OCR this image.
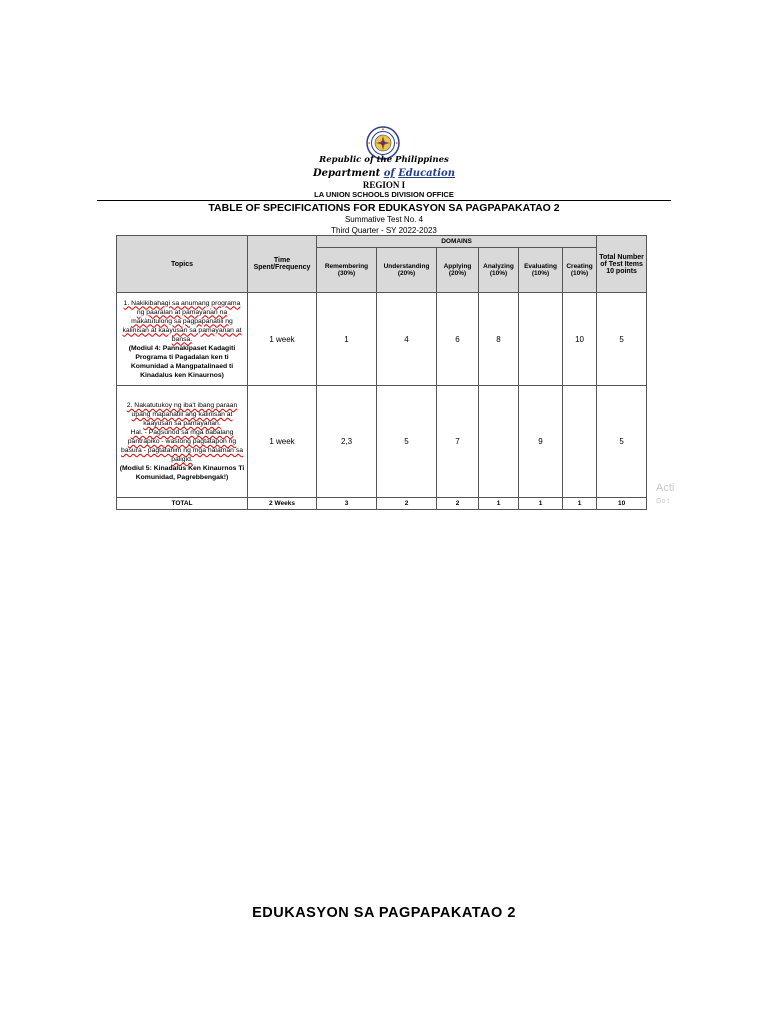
Republic of the Philippines
Department of Education
REGION I
LA UNION SCHOOLS DIVISION OFFICE
TABLE OF SPECIFICATIONS FOR EDUKASYON SA PAGPAPAKATAO 2
Summative Test No. 4
Third Quarter - SY 2022-2023
Topics	Time Spent/Frequency	DOMAINS						Total Number of Test Items 10 points
		Remembering (30%)	Understanding (20%)	Applying (20%)	Analyzing (10%)	Evaluating (10%)	Creating (10%)	

1. Nakikibahagi sa anumang programa ng paaralan at pamayanan na makatutulong sa pagpapanatili ng kalinisan at kaayusan sa pamayanan at bansa.
(Modiul 4: Pannakipaset Kadagiti Programa ti Pagadalan ken ti Komunidad a Mangpatalinaed ti Kinadalus ken Kinaurnos)	1 week	1	4	6	8		10	5

2. Nakatutukoy ng iba't ibang paraan upang mapanatili ang kalinisan at kaayusan sa pamayanan.
Hal. - Pagsunod sa mga babalang pantrapiko - wastong pagtatapon ng basura - pagtatanim ng mga halaman sa paligid.
(Modiul 5: Kinadalus Ken Kinaurnos Ti Komunidad, Pagrebbengak!)	1 week	2,3	5	7		9		5
TOTAL	2 Weeks	3	2	2	1	1	1	10
Acti
Go t
EDUKASYON SA PAGPAPAKATAO 2
